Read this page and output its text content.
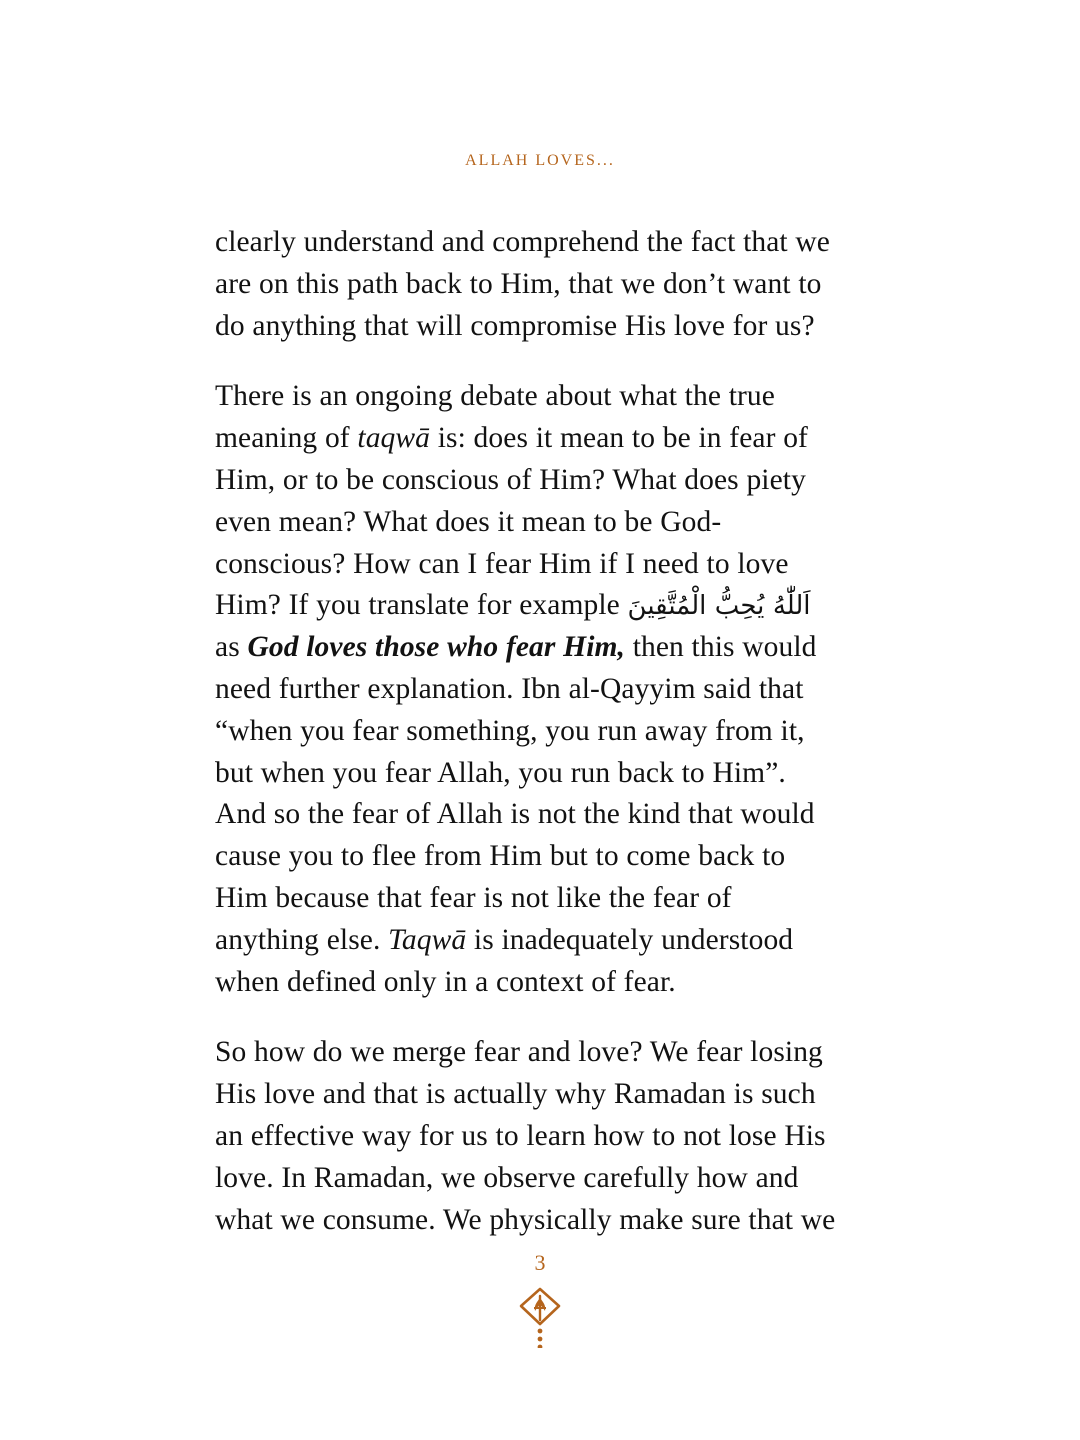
ALLAH LOVES...

clearly understand and comprehend the fact that we are on this path back to Him, that we don’t want to do anything that will compromise His love for us?

There is an ongoing debate about what the true meaning of taqwā is: does it mean to be in fear of Him, or to be conscious of Him? What does piety even mean? What does it mean to be God-conscious? How can I fear Him if I need to love Him? If you translate for example اَللّٰهُ يُحِبُّ الْمُتَّقِينَ as God loves those who fear Him, then this would need further explanation. Ibn al-Qayyim said that “when you fear something, you run away from it, but when you fear Allah, you run back to Him”. And so the fear of Allah is not the kind that would cause you to flee from Him but to come back to Him because that fear is not like the fear of anything else. Taqwā is inadequately understood when defined only in a context of fear.

So how do we merge fear and love? We fear losing His love and that is actually why Ramadan is such an effective way for us to learn how to not lose His love. In Ramadan, we observe carefully how and what we consume. We physically make sure that we

3
